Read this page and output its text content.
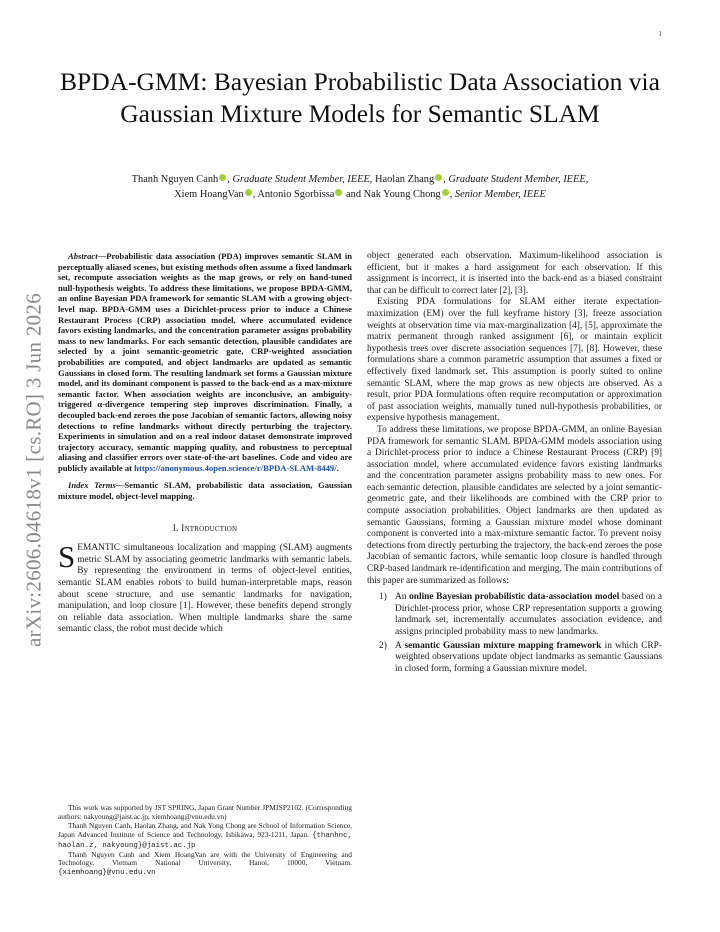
1
arXiv:2606.04618v1 [cs.RO] 3 Jun 2026
BPDA-GMM: Bayesian Probabilistic Data Association via Gaussian Mixture Models for Semantic SLAM
Thanh Nguyen Canh , Graduate Student Member, IEEE, Haolan Zhang , Graduate Student Member, IEEE,
Xiem HoangVan , Antonio Sgorbissa and Nak Young Chong , Senior Member, IEEE

Abstract—Probabilistic data association (PDA) improves semantic SLAM in perceptually aliased scenes, but existing methods often assume a fixed landmark set, recompute association weights as the map grows, or rely on hand-tuned null-hypothesis weights. To address these limitations, we propose BPDA-GMM, an online Bayesian PDA framework for semantic SLAM with a growing object-level map. BPDA-GMM uses a Dirichlet-process prior to induce a Chinese Restaurant Process (CRP) association model, where accumulated evidence favors existing landmarks, and the concentration parameter assigns probability mass to new landmarks. For each semantic detection, plausible candidates are selected by a joint semantic-geometric gate, CRP-weighted association probabilities are computed, and object landmarks are updated as semantic Gaussians in closed form. The resulting landmark set forms a Gaussian mixture model, and its dominant component is passed to the back-end as a max-mixture semantic factor. When association weights are inconclusive, an ambiguity-triggered α-divergence tempering step improves discrimination. Finally, a decoupled back-end zeroes the pose Jacobian of semantic factors, allowing noisy detections to refine landmarks without directly perturbing the trajectory. Experiments in simulation and on a real indoor dataset demonstrate improved trajectory accuracy, semantic mapping quality, and robustness to perceptual aliasing and classifier errors over state-of-the-art baselines. Code and video are publicly available at https://anonymous.4open.science/r/BPDA-SLAM-8449/.

Index Terms—Semantic SLAM, probabilistic data association, Gaussian mixture model, object-level mapping.
I. Introduction

SEMANTIC simultaneous localization and mapping (SLAM) augments metric SLAM by associating geometric landmarks with semantic labels. By representing the environment in terms of object-level entities, semantic SLAM enables robots to build human-interpretable maps, reason about scene structure, and use semantic landmarks for navigation, manipulation, and loop closure [1]. However, these benefits depend strongly on reliable data association. When multiple landmarks share the same semantic class, the robot must decide which

This work was supported by JST SPRING, Japan Grant Number JPMJSP2102. (Corresponding authors: nakyoung@jaist.ac.jp, xiemhoang@vnu.edu.vn)

Thanh Nguyen Canh, Haolan Zhang, and Nak Yong Chong are School of Information Science, Japan Advanced Institute of Science and Technology, Ishikawa, 923-1211, Japan. {thanhnc, haolan.z, nakyoung}@jaist.ac.jp

Thanh Nguyen Canh and Xiem HoangVan are with the University of Engineering and Technology, Vietnam National University, Hanoi, 10000, Vietnam. {xiemhoang}@vnu.edu.vn

object generated each observation. Maximum-likelihood association is efficient, but it makes a hard assignment for each observation. If this assignment is incorrect, it is inserted into the back-end as a biased constraint that can be difficult to correct later [2], [3].

Existing PDA formulations for SLAM either iterate expectation-maximization (EM) over the full keyframe history [3], freeze association weights at observation time via max-marginalization [4], [5], approximate the matrix permanent through ranked assignment [6], or maintain explicit hypothesis trees over discrete association sequences [7], [8]. However, these formulations share a common parametric assumption that assumes a fixed or effectively fixed landmark set. This assumption is poorly suited to online semantic SLAM, where the map grows as new objects are observed. As a result, prior PDA formulations often require recomputation or approximation of past association weights, manually tuned null-hypothesis probabilities, or expensive hypothesis management.

To address these limitations, we propose BPDA-GMM, an online Bayesian PDA framework for semantic SLAM. BPDA-GMM models association using a Dirichlet-process prior to induce a Chinese Restaurant Process (CRP) [9] association model, where accumulated evidence favors existing landmarks and the concentration parameter assigns probability mass to new ones. For each semantic detection, plausible candidates are selected by a joint semantic-geometric gate, and their likelihoods are combined with the CRP prior to compute association probabilities. Object landmarks are then updated as semantic Gaussians, forming a Gaussian mixture model whose dominant component is converted into a max-mixture semantic factor. To prevent noisy detections from directly perturbing the trajectory, the back-end zeroes the pose Jacobian of semantic factors, while semantic loop closure is handled through CRP-based landmark re-identification and merging. The main contributions of this paper are summarized as follows:

1) An online Bayesian probabilistic data-association model based on a Dirichlet-process prior, whose CRP representation supports a growing landmark set, incrementally accumulates association evidence, and assigns principled probability mass to new landmarks.
2) A semantic Gaussian mixture mapping framework in which CRP-weighted observations update object landmarks as semantic Gaussians in closed form, forming a Gaussian mixture model.
